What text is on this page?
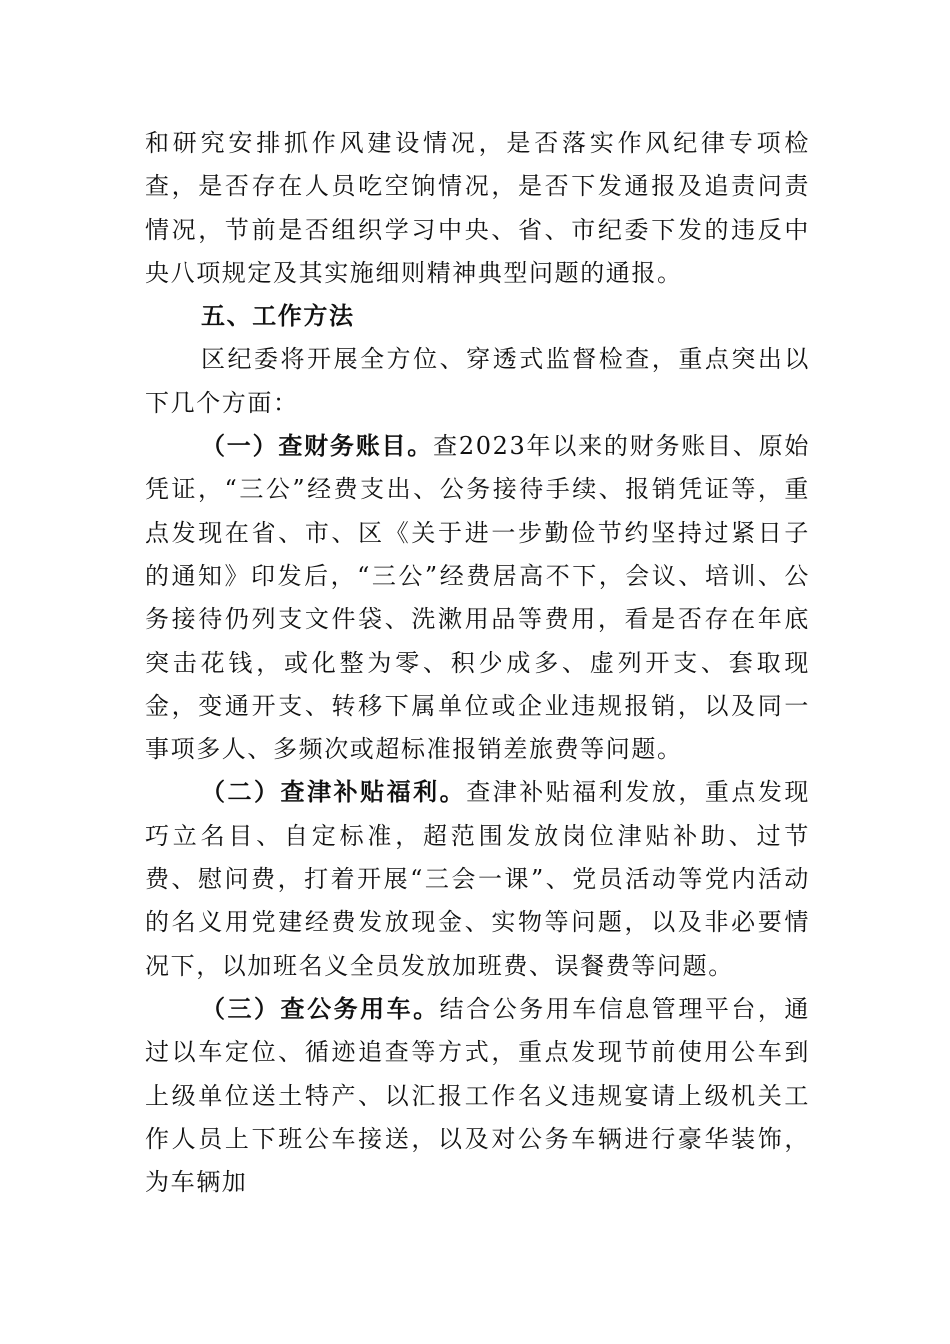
和研究安排抓作风建设情况，是否落实作风纪律专项检查，是否存在人员吃空饷情况，是否下发通报及追责问责情况，节前是否组织学习中央、省、市纪委下发的违反中央八项规定及其实施细则精神典型问题的通报。

五、工作方法

区纪委将开展全方位、穿透式监督检查，重点突出以下几个方面：

（一）查财务账目。查2023年以来的财务账目、原始凭证，“三公”经费支出、公务接待手续、报销凭证等，重点发现在省、市、区《关于进一步勤俭节约坚持过紧日子的通知》印发后，“三公”经费居高不下，会议、培训、公务接待仍列支文件袋、洗漱用品等费用，看是否存在年底突击花钱，或化整为零、积少成多、虚列开支、套取现金，变通开支、转移下属单位或企业违规报销，以及同一事项多人、多频次或超标准报销差旅费等问题。

（二）查津补贴福利。查津补贴福利发放，重点发现巧立名目、自定标准，超范围发放岗位津贴补助、过节费、慰问费，打着开展“三会一课”、党员活动等党内活动的名义用党建经费发放现金、实物等问题，以及非必要情况下，以加班名义全员发放加班费、误餐费等问题。

（三）查公务用车。结合公务用车信息管理平台，通过以车定位、循迹追查等方式，重点发现节前使用公车到上级单位送土特产、以汇报工作名义违规宴请上级机关工作人员上下班公车接送，以及对公务车辆进行豪华装饰，为车辆加
